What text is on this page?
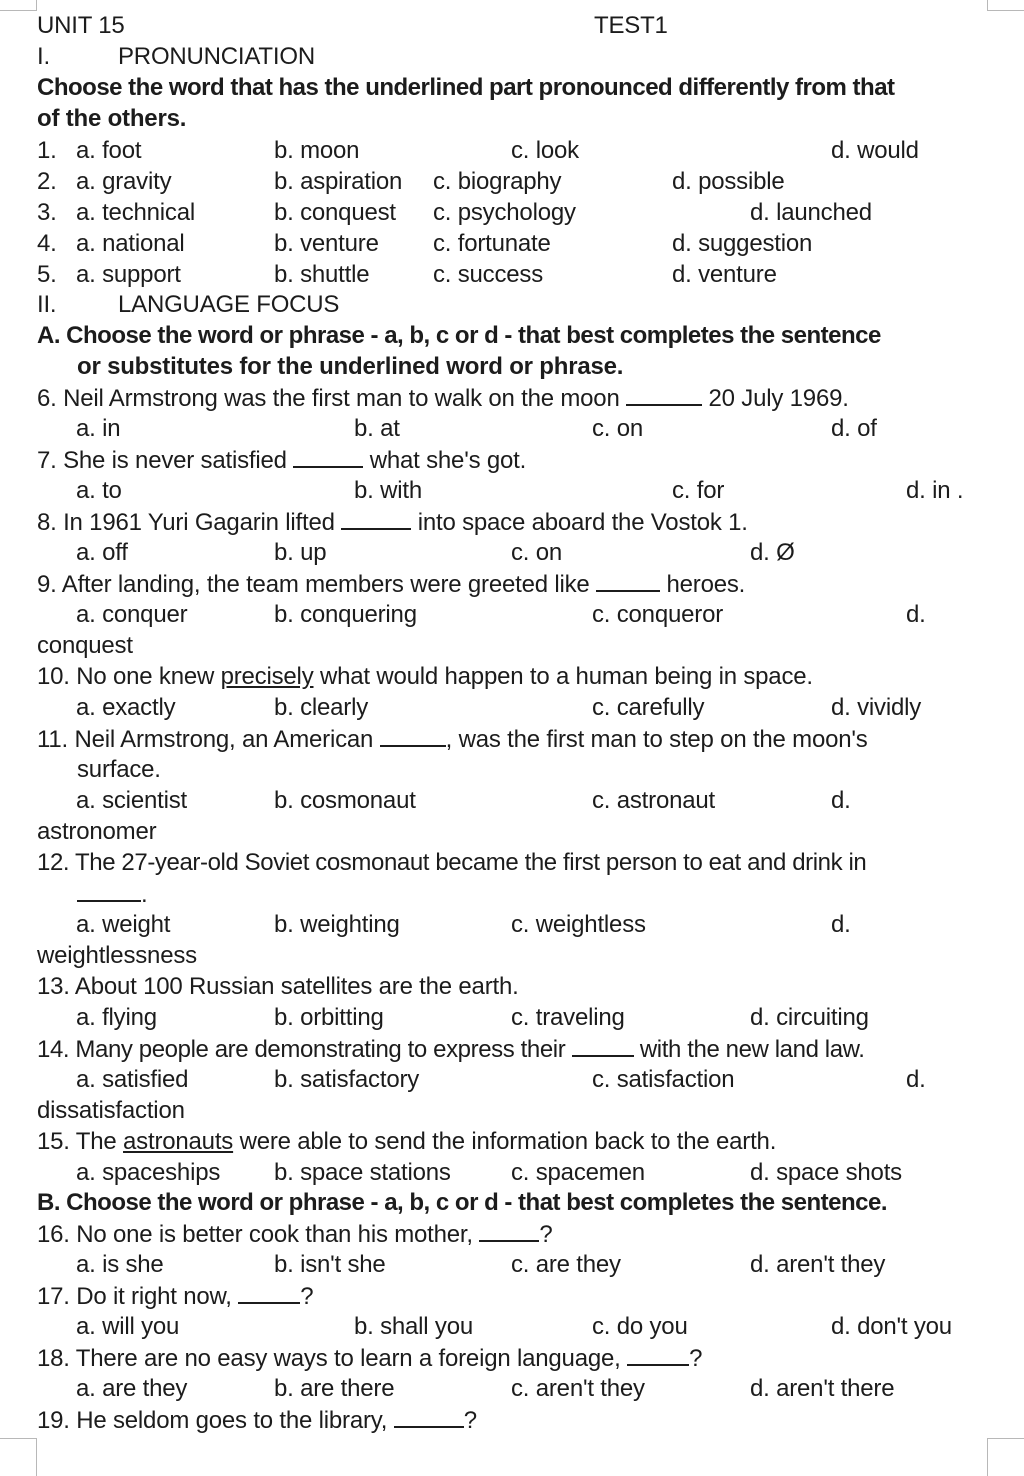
UNIT 15	TEST1
I.	PRONUNCIATION
Choose the word that has the underlined part pronounced differently from that
of the others.
1. a. foot	b. moon	c. look	d. would
2. a. gravity	b. aspiration c. biography	d. possible
3. a. technical	b. conquest c. psychology	d. launched
4. a. national	b. venture c. fortunate	d. suggestion
5. a. support	b. shuttle	c. success	d. venture
II.	LANGUAGE FOCUS
A. Choose the word or phrase - a, b, c or d - that best completes the sentence
or substitutes for the underlined word or phrase.
6. Neil Armstrong was the first man to walk on the moon	20 July 1969.
a. in	b. at	c. on	d. of
7. She is never satisfied	what she's got.
a. to	b. with	c. for	d. in .
8. In 1961 Yuri Gagarin lifted	into space aboard the Vostok 1.
a. off	b. up	c. on	d. Ø
9. After landing, the team members were greeted like	heroes.
a. conquer	b. conquering	c. conqueror	d.
conquest
10. No one knew precisely what would happen to a human being in space.
a. exactly	b. clearly	c. carefully	d. vividly
11. Neil Armstrong, an American	, was the first man to step on the moon's
surface.
a. scientist	b. cosmonaut	c. astronaut	d.
astronomer
12. The 27-year-old Soviet cosmonaut became the first person to eat and drink in
.
a. weight	b. weighting	c. weightless	d.
weightlessness
13. About 100 Russian satellites are the earth.
a. flying	b. orbitting	c. traveling	d. circuiting
14. Many people are demonstrating to express their	with the new land law.
a. satisfied	b. satisfactory	c. satisfaction	d.
dissatisfaction
15. The astronauts were able to send the information back to the earth.
a. spaceships b. space stations	c. spacemen	d. space shots
B. Choose the word or phrase - a, b, c or d - that best completes the sentence.
16. No one is better cook than his mother,	?
a. is she	b. isn't she	c. are they	d. aren't they
17. Do it right now,	?
a. will you	b. shall you	c. do you	d. don't you
18. There are no easy ways to learn a foreign language,	?
a. are they	b. are there	c. aren't they	d. aren't there
19. He seldom goes to the library,	?
